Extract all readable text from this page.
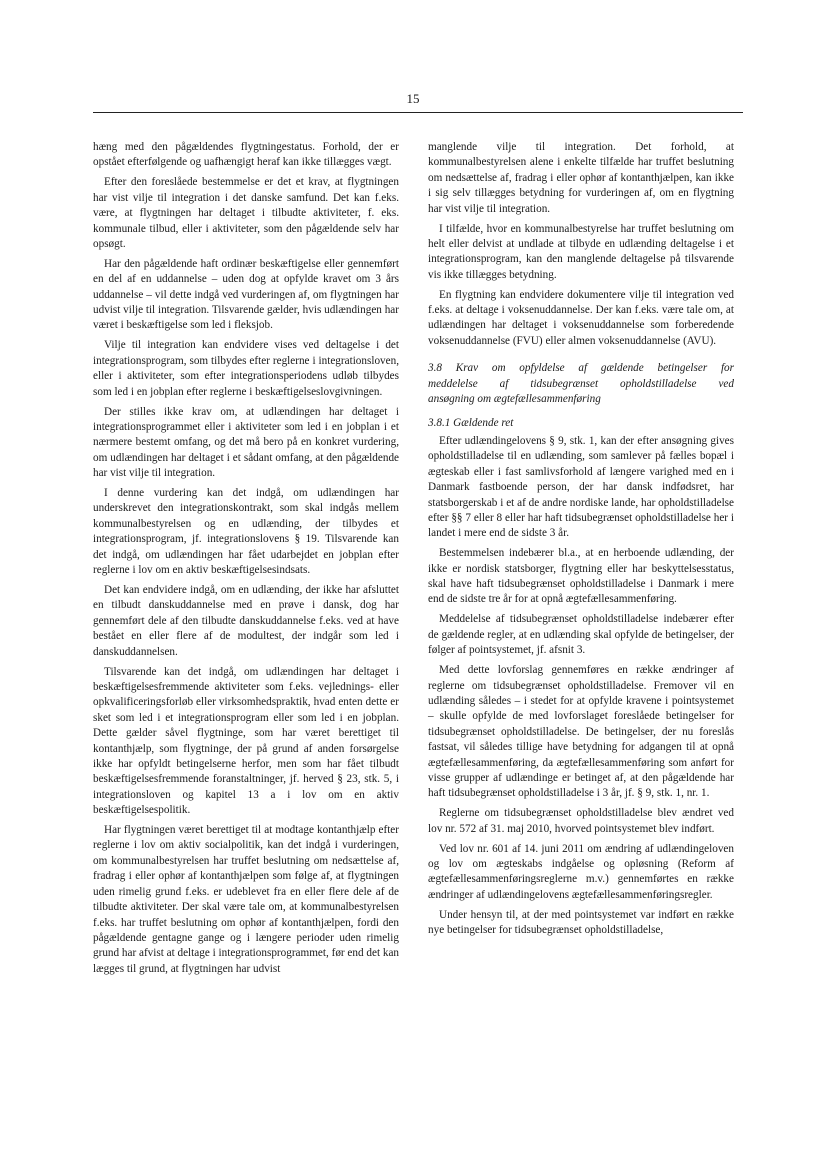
15

hæng med den pågældendes flygtningestatus. Forhold, der er opstået efterfølgende og uafhængigt heraf kan ikke tillægges vægt.

Efter den foreslåede bestemmelse er det et krav, at flygtningen har vist vilje til integration i det danske samfund. Det kan f.eks. være, at flygtningen har deltaget i tilbudte aktiviteter, f. eks. kommunale tilbud, eller i aktiviteter, som den pågældende selv har opsøgt.

Har den pågældende haft ordinær beskæftigelse eller gennemført en del af en uddannelse – uden dog at opfylde kravet om 3 års uddannelse – vil dette indgå ved vurderingen af, om flygtningen har udvist vilje til integration. Tilsvarende gælder, hvis udlændingen har været i beskæftigelse som led i fleksjob.

Vilje til integration kan endvidere vises ved deltagelse i det integrationsprogram, som tilbydes efter reglerne i integrationsloven, eller i aktiviteter, som efter integrationsperiodens udløb tilbydes som led i en jobplan efter reglerne i beskæftigelseslovgivningen.

Der stilles ikke krav om, at udlændingen har deltaget i integrationsprogrammet eller i aktiviteter som led i en jobplan i et nærmere bestemt omfang, og det må bero på en konkret vurdering, om udlændingen har deltaget i et sådant omfang, at den pågældende har vist vilje til integration.

I denne vurdering kan det indgå, om udlændingen har underskrevet den integrationskontrakt, som skal indgås mellem kommunalbestyrelsen og en udlænding, der tilbydes et integrationsprogram, jf. integrationslovens § 19. Tilsvarende kan det indgå, om udlændingen har fået udarbejdet en jobplan efter reglerne i lov om en aktiv beskæftigelsesindsats.

Det kan endvidere indgå, om en udlænding, der ikke har afsluttet en tilbudt danskuddannelse med en prøve i dansk, dog har gennemført dele af den tilbudte danskuddannelse f.eks. ved at have bestået en eller flere af de modultest, der indgår som led i danskuddannelsen.

Tilsvarende kan det indgå, om udlændingen har deltaget i beskæftigelsesfremmende aktiviteter som f.eks. vejlednings- eller opkvalificeringsforløb eller virksomhedspraktik, hvad enten dette er sket som led i et integrationsprogram eller som led i en jobplan. Dette gælder såvel flygtninge, som har været berettiget til kontanthjælp, som flygtninge, der på grund af anden forsørgelse ikke har opfyldt betingelserne herfor, men som har fået tilbudt beskæftigelsesfremmende foranstaltninger, jf. herved § 23, stk. 5, i integrationsloven og kapitel 13 a i lov om en aktiv beskæftigelsespolitik.

Har flygtningen været berettiget til at modtage kontanthjælp efter reglerne i lov om aktiv socialpolitik, kan det indgå i vurderingen, om kommunalbestyrelsen har truffet beslutning om nedsættelse af, fradrag i eller ophør af kontanthjælpen som følge af, at flygtningen uden rimelig grund f.eks. er udeblevet fra en eller flere dele af de tilbudte aktiviteter. Der skal være tale om, at kommunalbestyrelsen f.eks. har truffet beslutning om ophør af kontanthjælpen, fordi den pågældende gentagne gange og i længere perioder uden rimelig grund har afvist at deltage i integrationsprogrammet, før end det kan lægges til grund, at flygtningen har udvist

manglende vilje til integration. Det forhold, at kommunalbestyrelsen alene i enkelte tilfælde har truffet beslutning om nedsættelse af, fradrag i eller ophør af kontanthjælpen, kan ikke i sig selv tillægges betydning for vurderingen af, om en flygtning har vist vilje til integration.

I tilfælde, hvor en kommunalbestyrelse har truffet beslutning om helt eller delvist at undlade at tilbyde en udlænding deltagelse i et integrationsprogram, kan den manglende deltagelse på tilsvarende vis ikke tillægges betydning.

En flygtning kan endvidere dokumentere vilje til integration ved f.eks. at deltage i voksenuddannelse. Der kan f.eks. være tale om, at udlændingen har deltaget i voksenuddannelse som forberedende voksenuddannelse (FVU) eller almen voksenuddannelse (AVU).

3.8 Krav om opfyldelse af gældende betingelser for
meddelelse af tidsubegrænset opholdstilladelse ved
ansøgning om ægtefællesammenføring
3.8.1 Gældende ret

Efter udlændingelovens § 9, stk. 1, kan der efter ansøgning gives opholdstilladelse til en udlænding, som samlever på fælles bopæl i ægteskab eller i fast samlivsforhold af længere varighed med en i Danmark fastboende person, der har dansk indfødsret, har statsborgerskab i et af de andre nordiske lande, har opholdstilladelse efter §§ 7 eller 8 eller har haft tidsubegrænset opholdstilladelse her i landet i mere end de sidste 3 år.

Bestemmelsen indebærer bl.a., at en herboende udlænding, der ikke er nordisk statsborger, flygtning eller har beskyttelsesstatus, skal have haft tidsubegrænset opholdstilladelse i Danmark i mere end de sidste tre år for at opnå ægtefællesammenføring.

Meddelelse af tidsubegrænset opholdstilladelse indebærer efter de gældende regler, at en udlænding skal opfylde de betingelser, der følger af pointsystemet, jf. afsnit 3.

Med dette lovforslag gennemføres en række ændringer af reglerne om tidsubegrænset opholdstilladelse. Fremover vil en udlænding således – i stedet for at opfylde kravene i pointsystemet – skulle opfylde de med lovforslaget foreslåede betingelser for tidsubegrænset opholdstilladelse. De betingelser, der nu foreslås fastsat, vil således tillige have betydning for adgangen til at opnå ægtefællesammenføring, da ægtefællesammenføring som anført for visse grupper af udlændinge er betinget af, at den pågældende har haft tidsubegrænset opholdstilladelse i 3 år, jf. § 9, stk. 1, nr. 1.

Reglerne om tidsubegrænset opholdstilladelse blev ændret ved lov nr. 572 af 31. maj 2010, hvorved pointsystemet blev indført.

Ved lov nr. 601 af 14. juni 2011 om ændring af udlændingeloven og lov om ægteskabs indgåelse og opløsning (Reform af ægtefællesammenføringsreglerne m.v.) gennemførtes en række ændringer af udlændingelovens ægtefællesammenføringsregler.

Under hensyn til, at der med pointsystemet var indført en række nye betingelser for tidsubegrænset opholdstilladelse,
